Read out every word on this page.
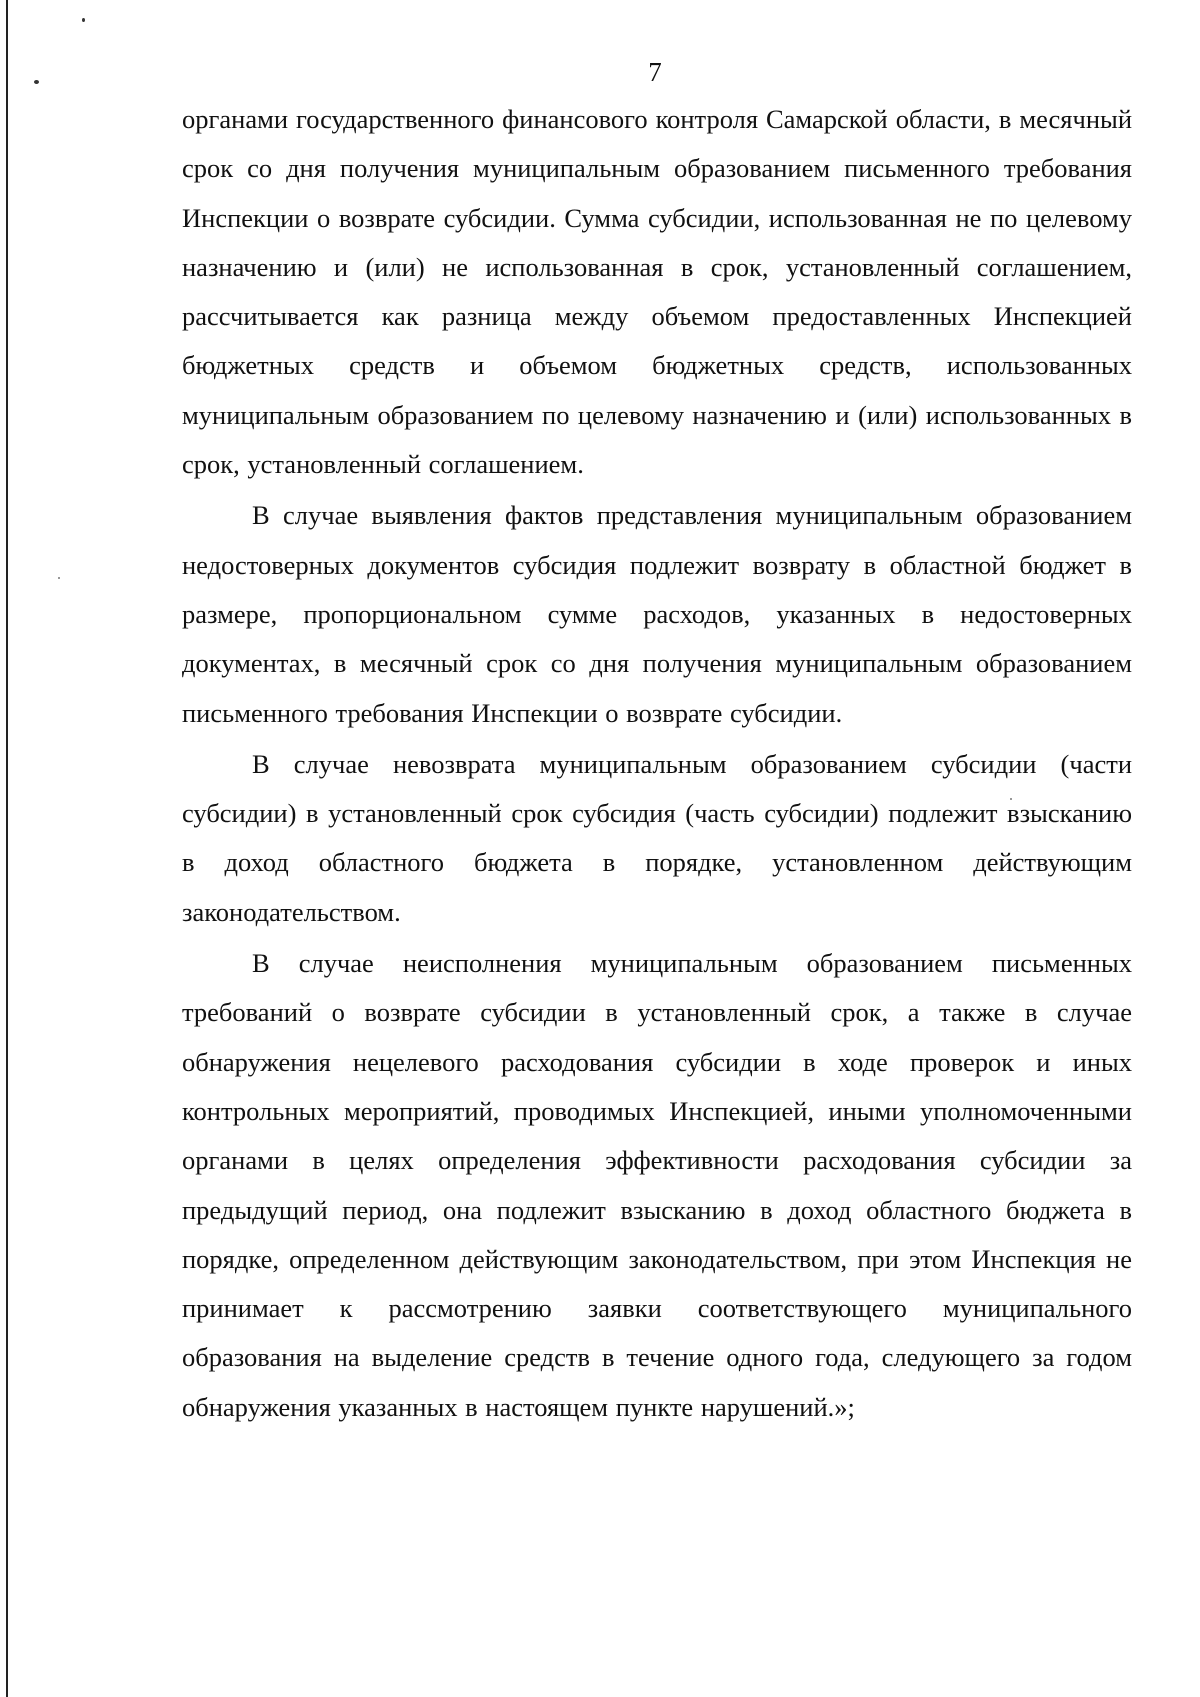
7

органами государственного финансового контроля Самарской области, в месячный срок со дня получения муниципальным образованием письменного требования Инспекции о возврате субсидии. Сумма субсидии, использованная не по целевому назначению и (или) не использованная в срок, установленный соглашением, рассчитывается как разница между объемом предоставленных Инспекцией бюджетных средств и объемом бюджетных средств, использованных муниципальным образованием по целевому назначению и (или) использованных в срок, установленный соглашением.

В случае выявления фактов представления муниципальным образованием недостоверных документов субсидия подлежит возврату в областной бюджет в размере, пропорциональном сумме расходов, указанных в недостоверных документах, в месячный срок со дня получения муниципальным образованием письменного требования Инспекции о возврате субсидии.

В случае невозврата муниципальным образованием субсидии (части субсидии) в установленный срок субсидия (часть субсидии) подлежит взысканию в доход областного бюджета в порядке, установленном действующим законодательством.

В случае неисполнения муниципальным образованием письменных требований о возврате субсидии в установленный срок, а также в случае обнаружения нецелевого расходования субсидии в ходе проверок и иных контрольных мероприятий, проводимых Инспекцией, иными уполномоченными органами в целях определения эффективности расходования субсидии за предыдущий период, она подлежит взысканию в доход областного бюджета в порядке, определенном действующим законодательством, при этом Инспекция не принимает к рассмотрению заявки соответствующего муниципального образования на выделение средств в течение одного года, следующего за годом обнаружения указанных в настоящем пункте нарушений.»;
